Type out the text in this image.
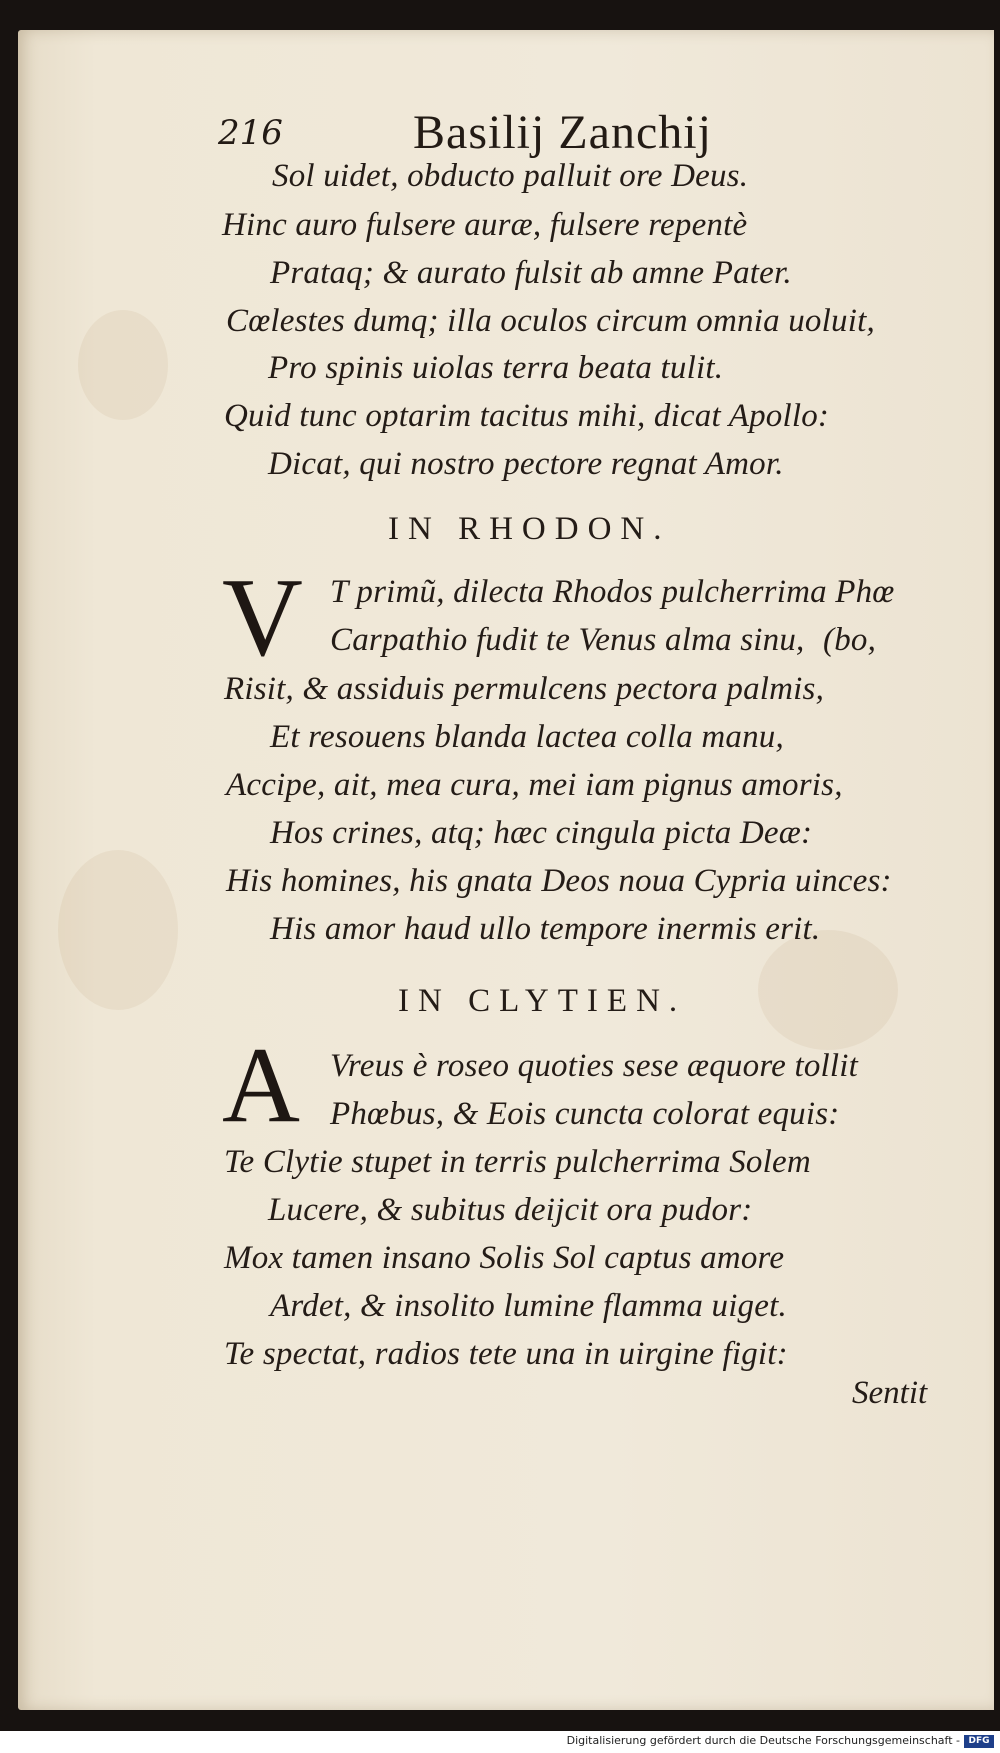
216	Basilij Zanchij
Sol uidet, obducto palluit ore Deus.
Hinc auro fulsere auræ, fulsere repentè
Prataq; & aurato fulsit ab amne Pater.
Cœlestes dumq; illa oculos circum omnia uoluit,
Pro spinis uiolas terra beata tulit.
Quid tunc optarim tacitus mihi, dicat Apollo:
Dicat, qui nostro pectore regnat Amor.
IN RHODON.
V T primũ, dilecta Rhodos pulcherrima Phœ
Carpathio fudit te Venus alma sinu, (bo,
Risit, & assiduis permulcens pectora palmis,
Et resouens blanda lactea colla manu,
Accipe, ait, mea cura, mei iam pignus amoris,
Hos crines, atq; hæc cingula picta Deæ:
His homines, his gnata Deos noua Cypria uinces:
His amor haud ullo tempore inermis erit.
IN CLYTIEN.
A Vreus è roseo quoties sese æquore tollit
Phœbus, & Eois cuncta colorat equis:
Te Clytie stupet in terris pulcherrima Solem
Lucere, & subitus deijcit ora pudor:
Mox tamen insano Solis Sol captus amore
Ardet, & insolito lumine flamma uiget.
Te spectat, radios tete una in uirgine figit:
Sentit
Digitalisierung gefördert durch die Deutsche Forschungsgemeinschaft - DFG
